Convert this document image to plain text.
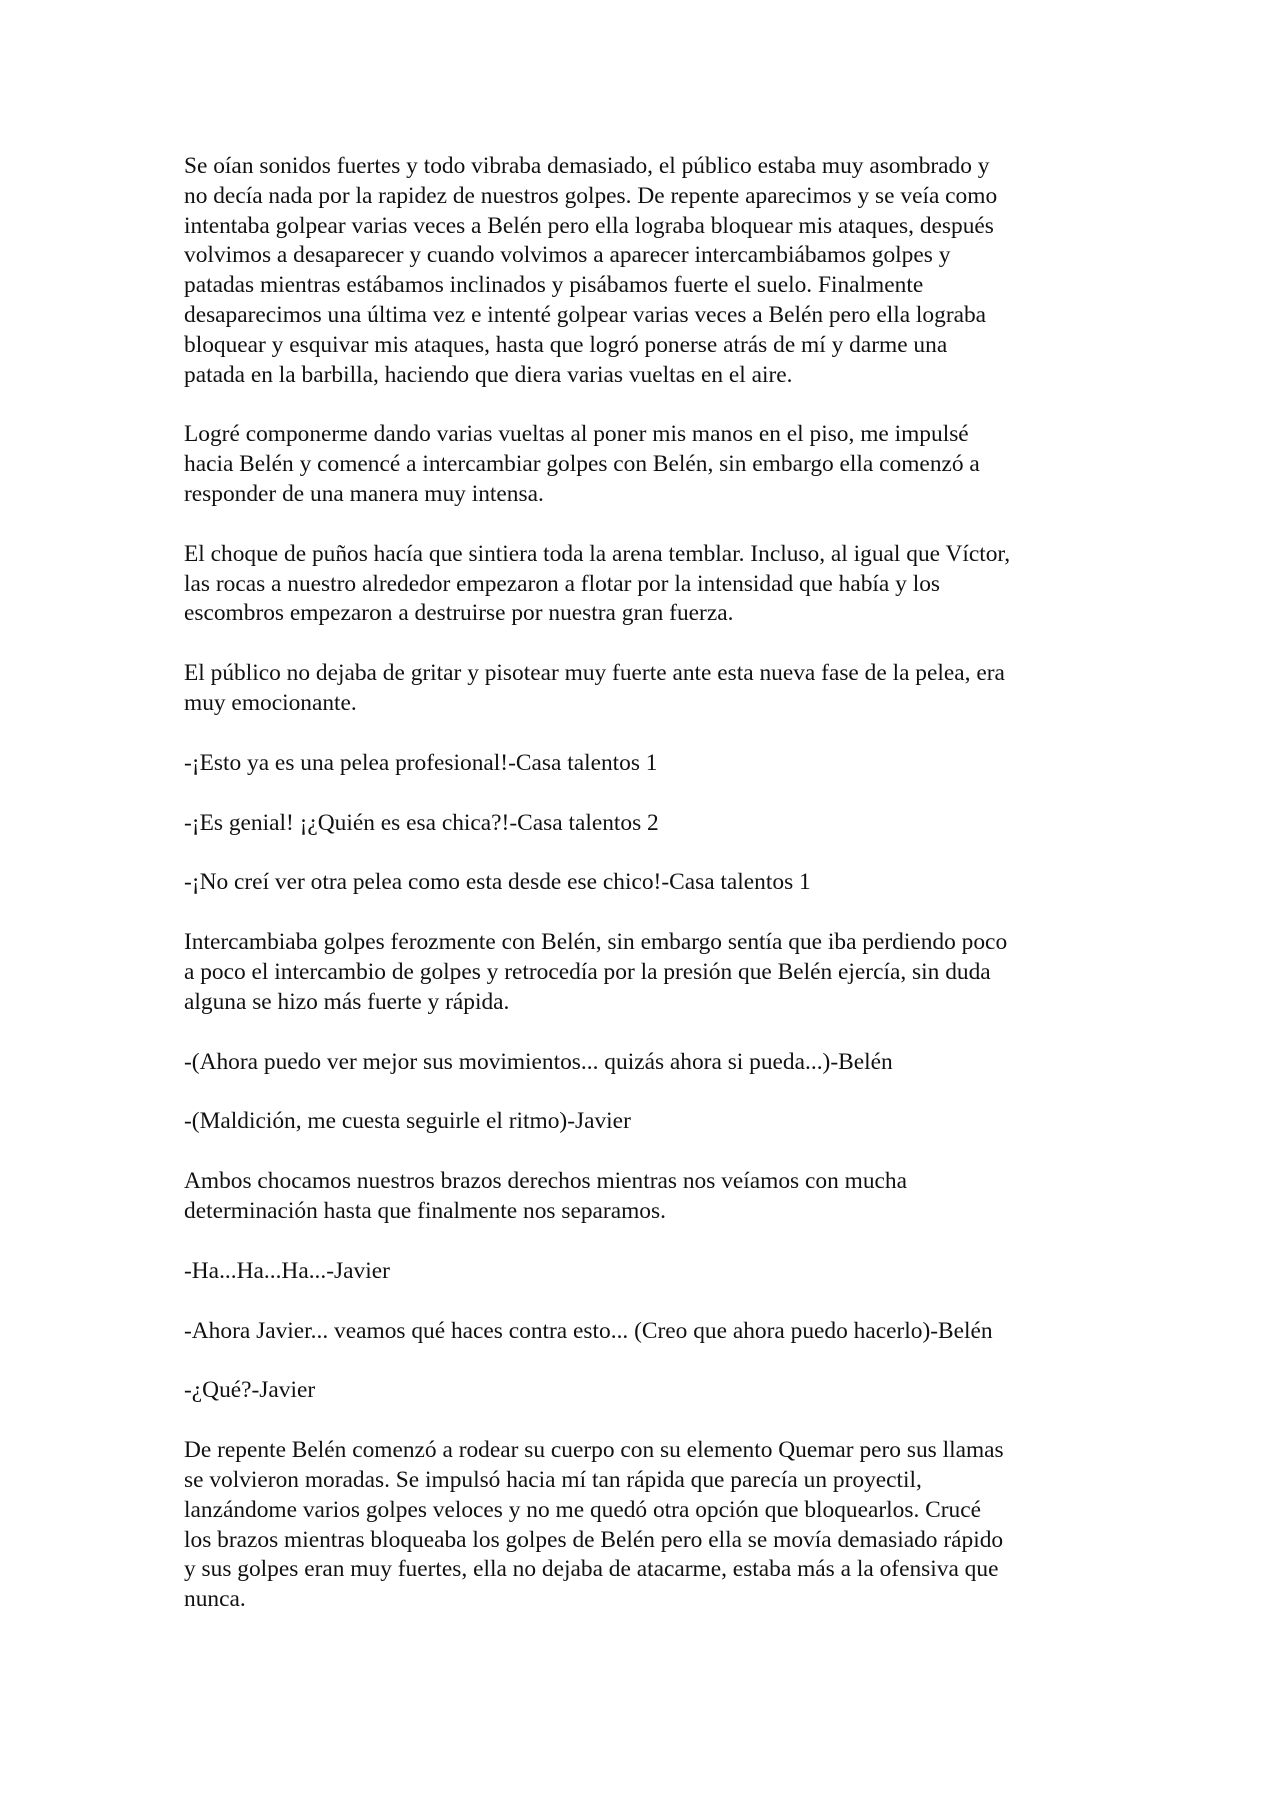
Se oían sonidos fuertes y todo vibraba demasiado, el público estaba muy asombrado y
no decía nada por la rapidez de nuestros golpes. De repente aparecimos y se veía como
intentaba golpear varias veces a Belén pero ella lograba bloquear mis ataques, después
volvimos a desaparecer y cuando volvimos a aparecer intercambiábamos golpes y
patadas mientras estábamos inclinados y pisábamos fuerte el suelo. Finalmente
desaparecimos una última vez e intenté golpear varias veces a Belén pero ella lograba
bloquear y esquivar mis ataques, hasta que logró ponerse atrás de mí y darme una
patada en la barbilla, haciendo que diera varias vueltas en el aire.
Logré componerme dando varias vueltas al poner mis manos en el piso, me impulsé
hacia Belén y comencé a intercambiar golpes con Belén, sin embargo ella comenzó a
responder de una manera muy intensa.
El choque de puños hacía que sintiera toda la arena temblar. Incluso, al igual que Víctor,
las rocas a nuestro alrededor empezaron a flotar por la intensidad que había y los
escombros empezaron a destruirse por nuestra gran fuerza.
El público no dejaba de gritar y pisotear muy fuerte ante esta nueva fase de la pelea, era
muy emocionante.
-¡Esto ya es una pelea profesional!-Casa talentos 1
-¡Es genial! ¡¿Quién es esa chica?!-Casa talentos 2
-¡No creí ver otra pelea como esta desde ese chico!-Casa talentos 1
Intercambiaba golpes ferozmente con Belén, sin embargo sentía que iba perdiendo poco
a poco el intercambio de golpes y retrocedía por la presión que Belén ejercía, sin duda
alguna se hizo más fuerte y rápida.
-(Ahora puedo ver mejor sus movimientos... quizás ahora si pueda...)-Belén
-(Maldición, me cuesta seguirle el ritmo)-Javier
Ambos chocamos nuestros brazos derechos mientras nos veíamos con mucha
determinación hasta que finalmente nos separamos.
-Ha...Ha...Ha...-Javier
-Ahora Javier... veamos qué haces contra esto... (Creo que ahora puedo hacerlo)-Belén
-¿Qué?-Javier
De repente Belén comenzó a rodear su cuerpo con su elemento Quemar pero sus llamas
se volvieron moradas. Se impulsó hacia mí tan rápida que parecía un proyectil,
lanzándome varios golpes veloces y no me quedó otra opción que bloquearlos. Crucé
los brazos mientras bloqueaba los golpes de Belén pero ella se movía demasiado rápido
y sus golpes eran muy fuertes, ella no dejaba de atacarme, estaba más a la ofensiva que
nunca.
